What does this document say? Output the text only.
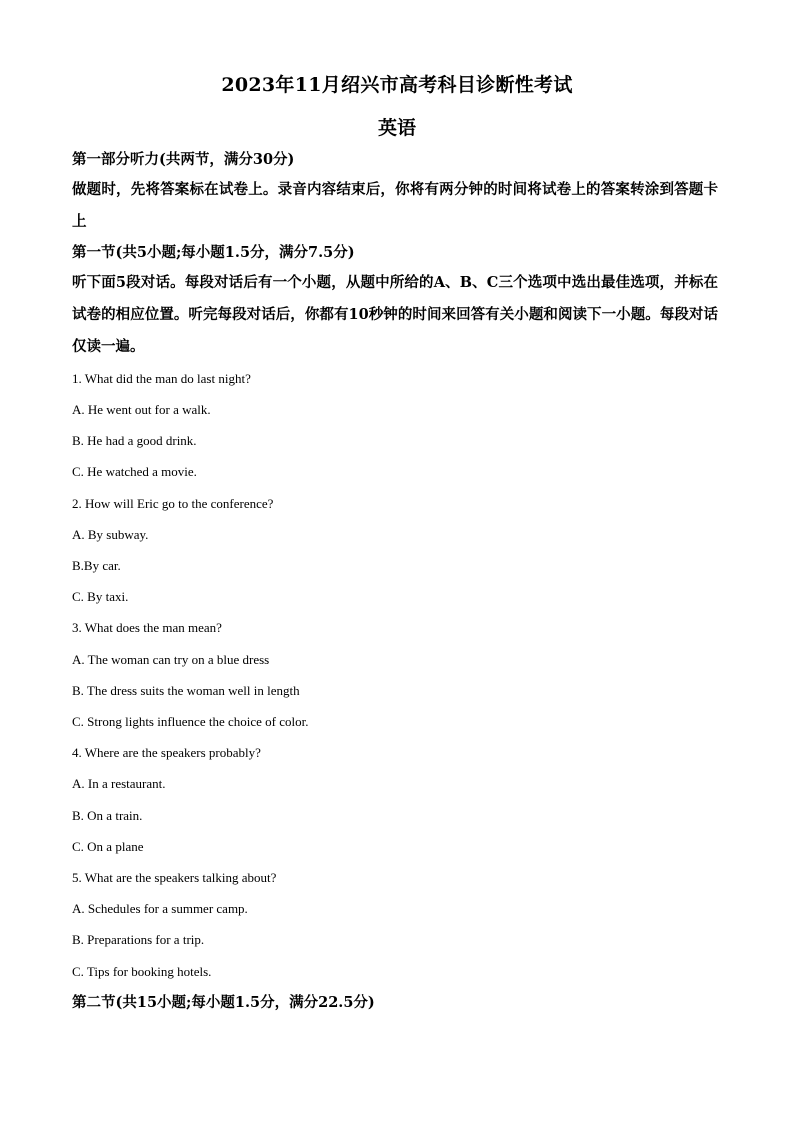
2023年11月绍兴市高考科目诊断性考试
英语
第一部分听力(共两节，满分30分)
做题时，先将答案标在试卷上。录音内容结束后，你将有两分钟的时间将试卷上的答案转涂到答题卡上
第一节(共5小题;每小题1.5分，满分7.5分)
听下面5段对话。每段对话后有一个小题，从题中所给的A、B、C三个选项中选出最佳选项，并标在试卷的相应位置。听完每段对话后，你都有10秒钟的时间来回答有关小题和阅读下一小题。每段对话仅读一遍。
1. What did the man do last night?
A. He went out for a walk.
B. He had a good drink.
C. He watched a movie.
2. How will Eric go to the conference?
A. By subway.
B.By car.
C. By taxi.
3. What does the man mean?
A. The woman can try on a blue dress
B. The dress suits the woman well in length
C. Strong lights influence the choice of color.
4. Where are the speakers probably?
A. In a restaurant.
B. On a train.
C. On a plane
5. What are the speakers talking about?
A. Schedules for a summer camp.
B. Preparations for a trip.
C. Tips for booking hotels.
第二节(共15小题;每小题1.5分，满分22.5分)
